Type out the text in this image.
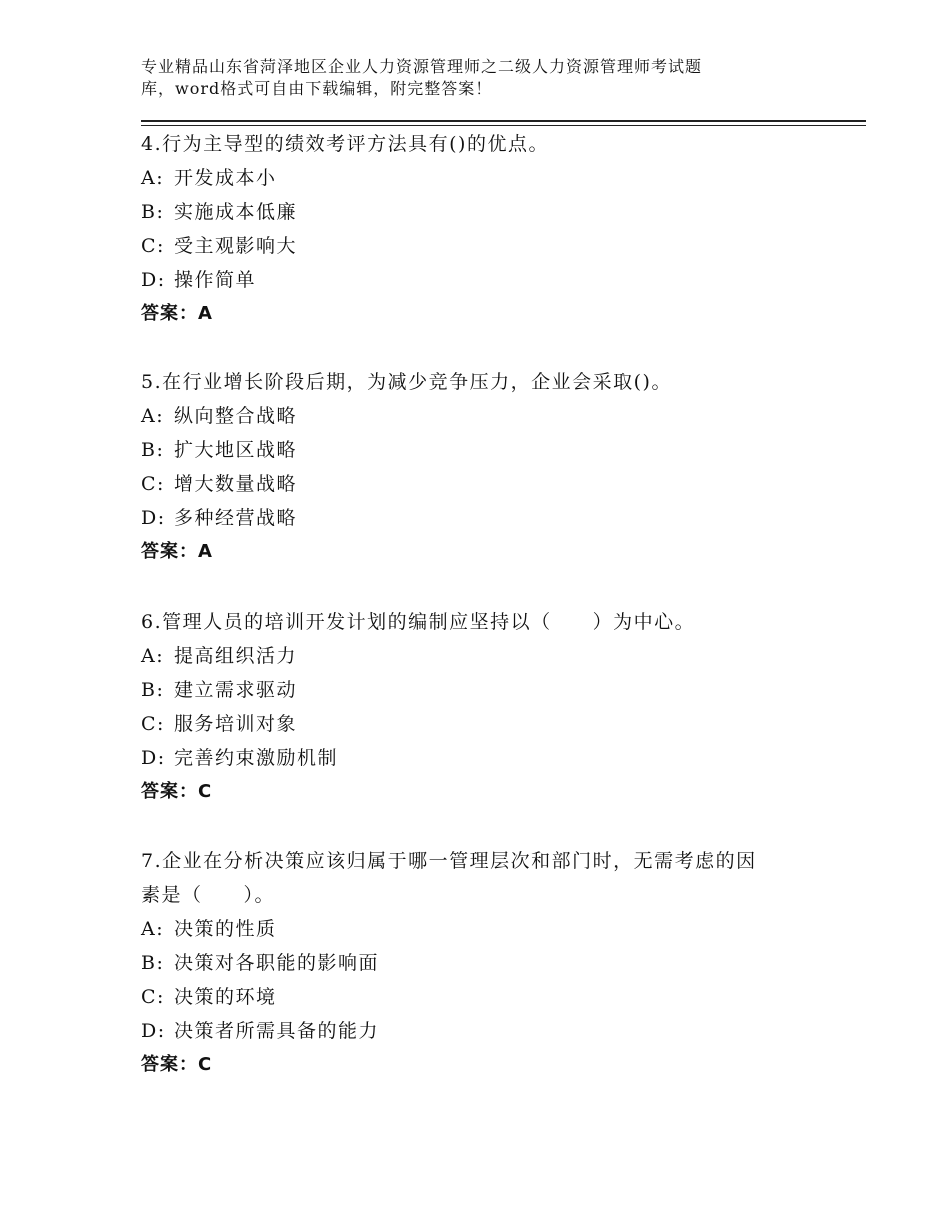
专业精品山东省菏泽地区企业人力资源管理师之二级人力资源管理师考试题
库，word格式可自由下载编辑，附完整答案！
4.行为主导型的绩效考评方法具有()的优点。
A: 开发成本小
B: 实施成本低廉
C: 受主观影响大
D: 操作简单
答案：A
5.在行业增长阶段后期，为减少竞争压力，企业会采取()。
A: 纵向整合战略
B: 扩大地区战略
C: 增大数量战略
D: 多种经营战略
答案：A
6.管理人员的培训开发计划的编制应坚持以（　　）为中心。
A: 提高组织活力
B: 建立需求驱动
C: 服务培训对象
D: 完善约束激励机制
答案：C
7.企业在分析决策应该归属于哪一管理层次和部门时，无需考虑的因
素是（　　）。
A: 决策的性质
B: 决策对各职能的影响面
C: 决策的环境
D: 决策者所需具备的能力
答案：C
